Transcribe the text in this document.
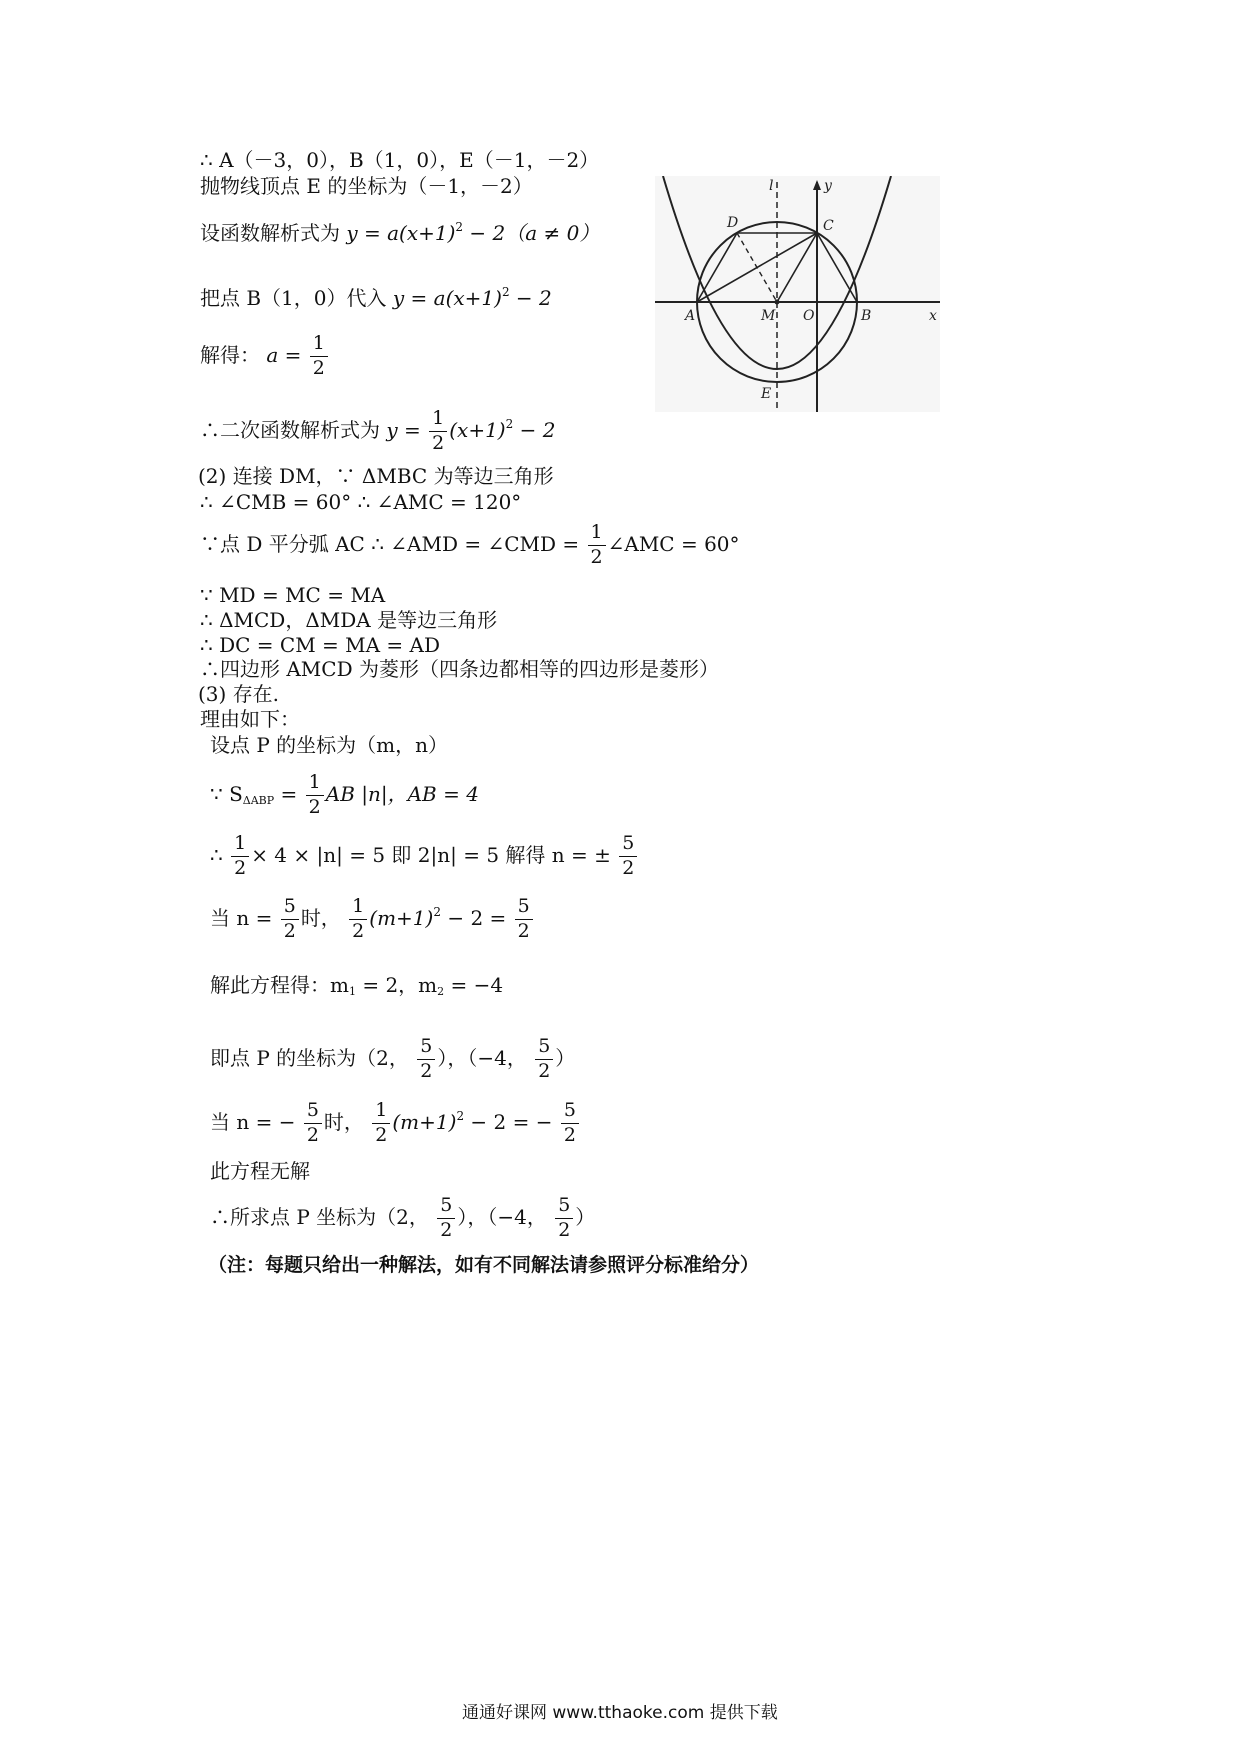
∴ A（－3，0），B（1，0），E（－1，－2）
抛物线顶点 E 的坐标为（－1，－2）
设函数解析式为 $y = a(x+1)^2 - 2(a \ne 0)$
把点 B（1，0）代入 $y = a(x+1)^2 - 2$
解得： $a = \frac{1}{2}$
∴二次函数解析式为 $y = \frac{1}{2} (x+1)^2 - 2$
(2) 连接 DM，∵ ΔMBC 为等边三角形
∴ ∠CMB = 60° ∴ ∠AMC = 120°
∵点 D 平分弧 AC ∴ ∠AMD = ∠CMD = $\frac{1}{2}$ ∠AMC = 60°
∵ MD = MC = MA
∴ ΔMCD，ΔMDA 是等边三角形
∴ DC = CM = MA = AD
∴四边形 AMCD 为菱形（四条边都相等的四边形是菱形）
(3) 存在.
理由如下：
设点 P 的坐标为（m，n）
∵ $S_{\Delta ABP} = \frac{1}{2}$ AB |n|，AB = 4
∴ $\frac{1}{2} \times 4 \times |n| = 5$ 即 2|n| = 5 解得 n = ± $\frac{5}{2}$
当 $n = \frac{5}{2}$ 时， $\frac{1}{2} (m+1)^2 - 2 = \frac{5}{2}$
解此方程得：$m_1 = 2$，$m_2 = -4$
即点 P 的坐标为（2， $\frac{5}{2}$ ），（−4， $\frac{5}{2}$ ）
当 n = − $\frac{5}{2}$ 时， $\frac{1}{2} (m+1)^2 - 2$ = − $\frac{5}{2}$
此方程无解
∴所求点 P 坐标为（2， $\frac{5}{2}$ ），（−4， $\frac{5}{2}$ ）
（注：每题只给出一种解法，如有不同解法请参照评分标准给分）
通通好课网 www.tthaoke.com 提供下载
l	y
x
D	C
A	M O	B
E
